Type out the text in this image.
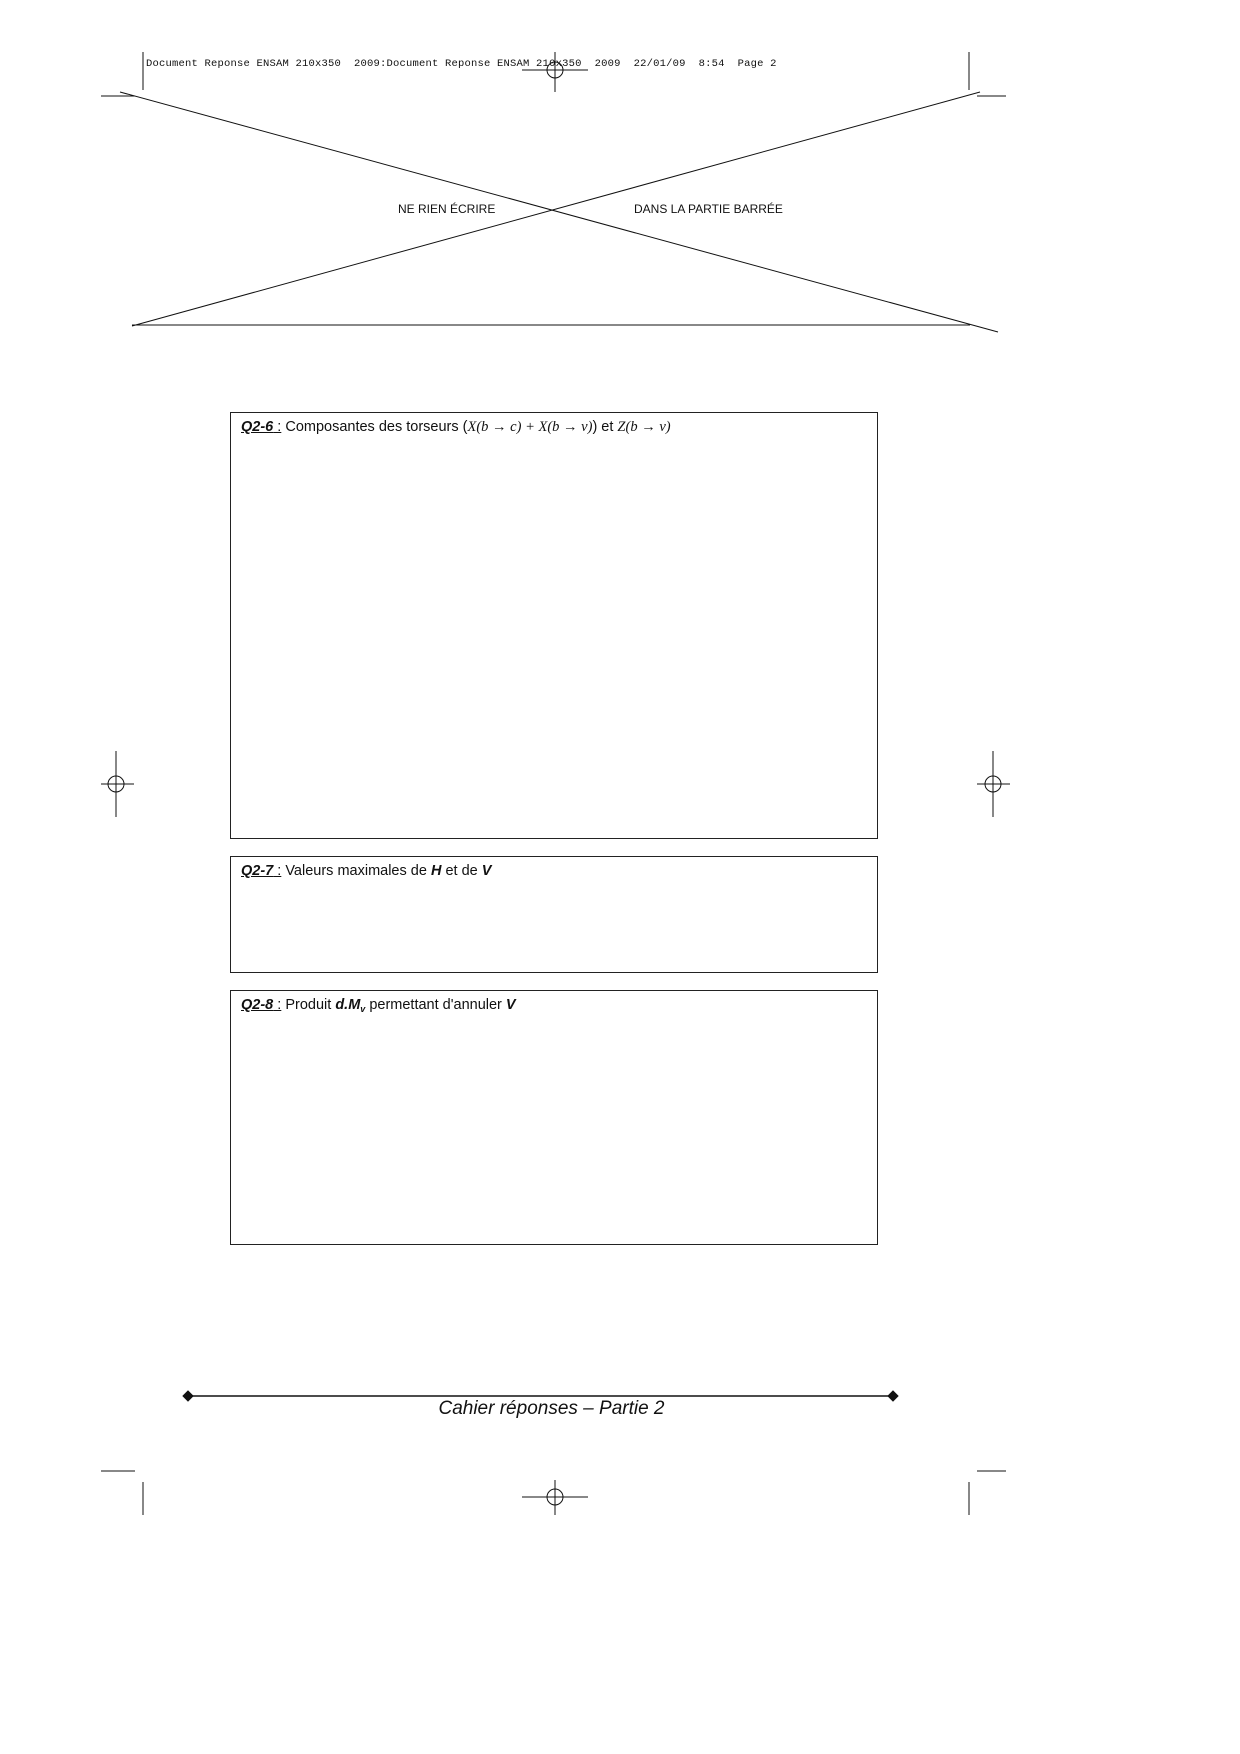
Document Reponse ENSAM 210x350  2009:Document Reponse ENSAM 210x350  2009  22/01/09  8:54  Page 2
NE RIEN ÉCRIRE	DANS LA PARTIE BARRÉE
Q2-6 : Composantes des torseurs (X(b → c) + X(b → v)) et Z(b → v)
Q2-7 : Valeurs maximales de H et de V
Q2-8 : Produit $d.M_v$ permettant d'annuler V
Cahier réponses – Partie 2
